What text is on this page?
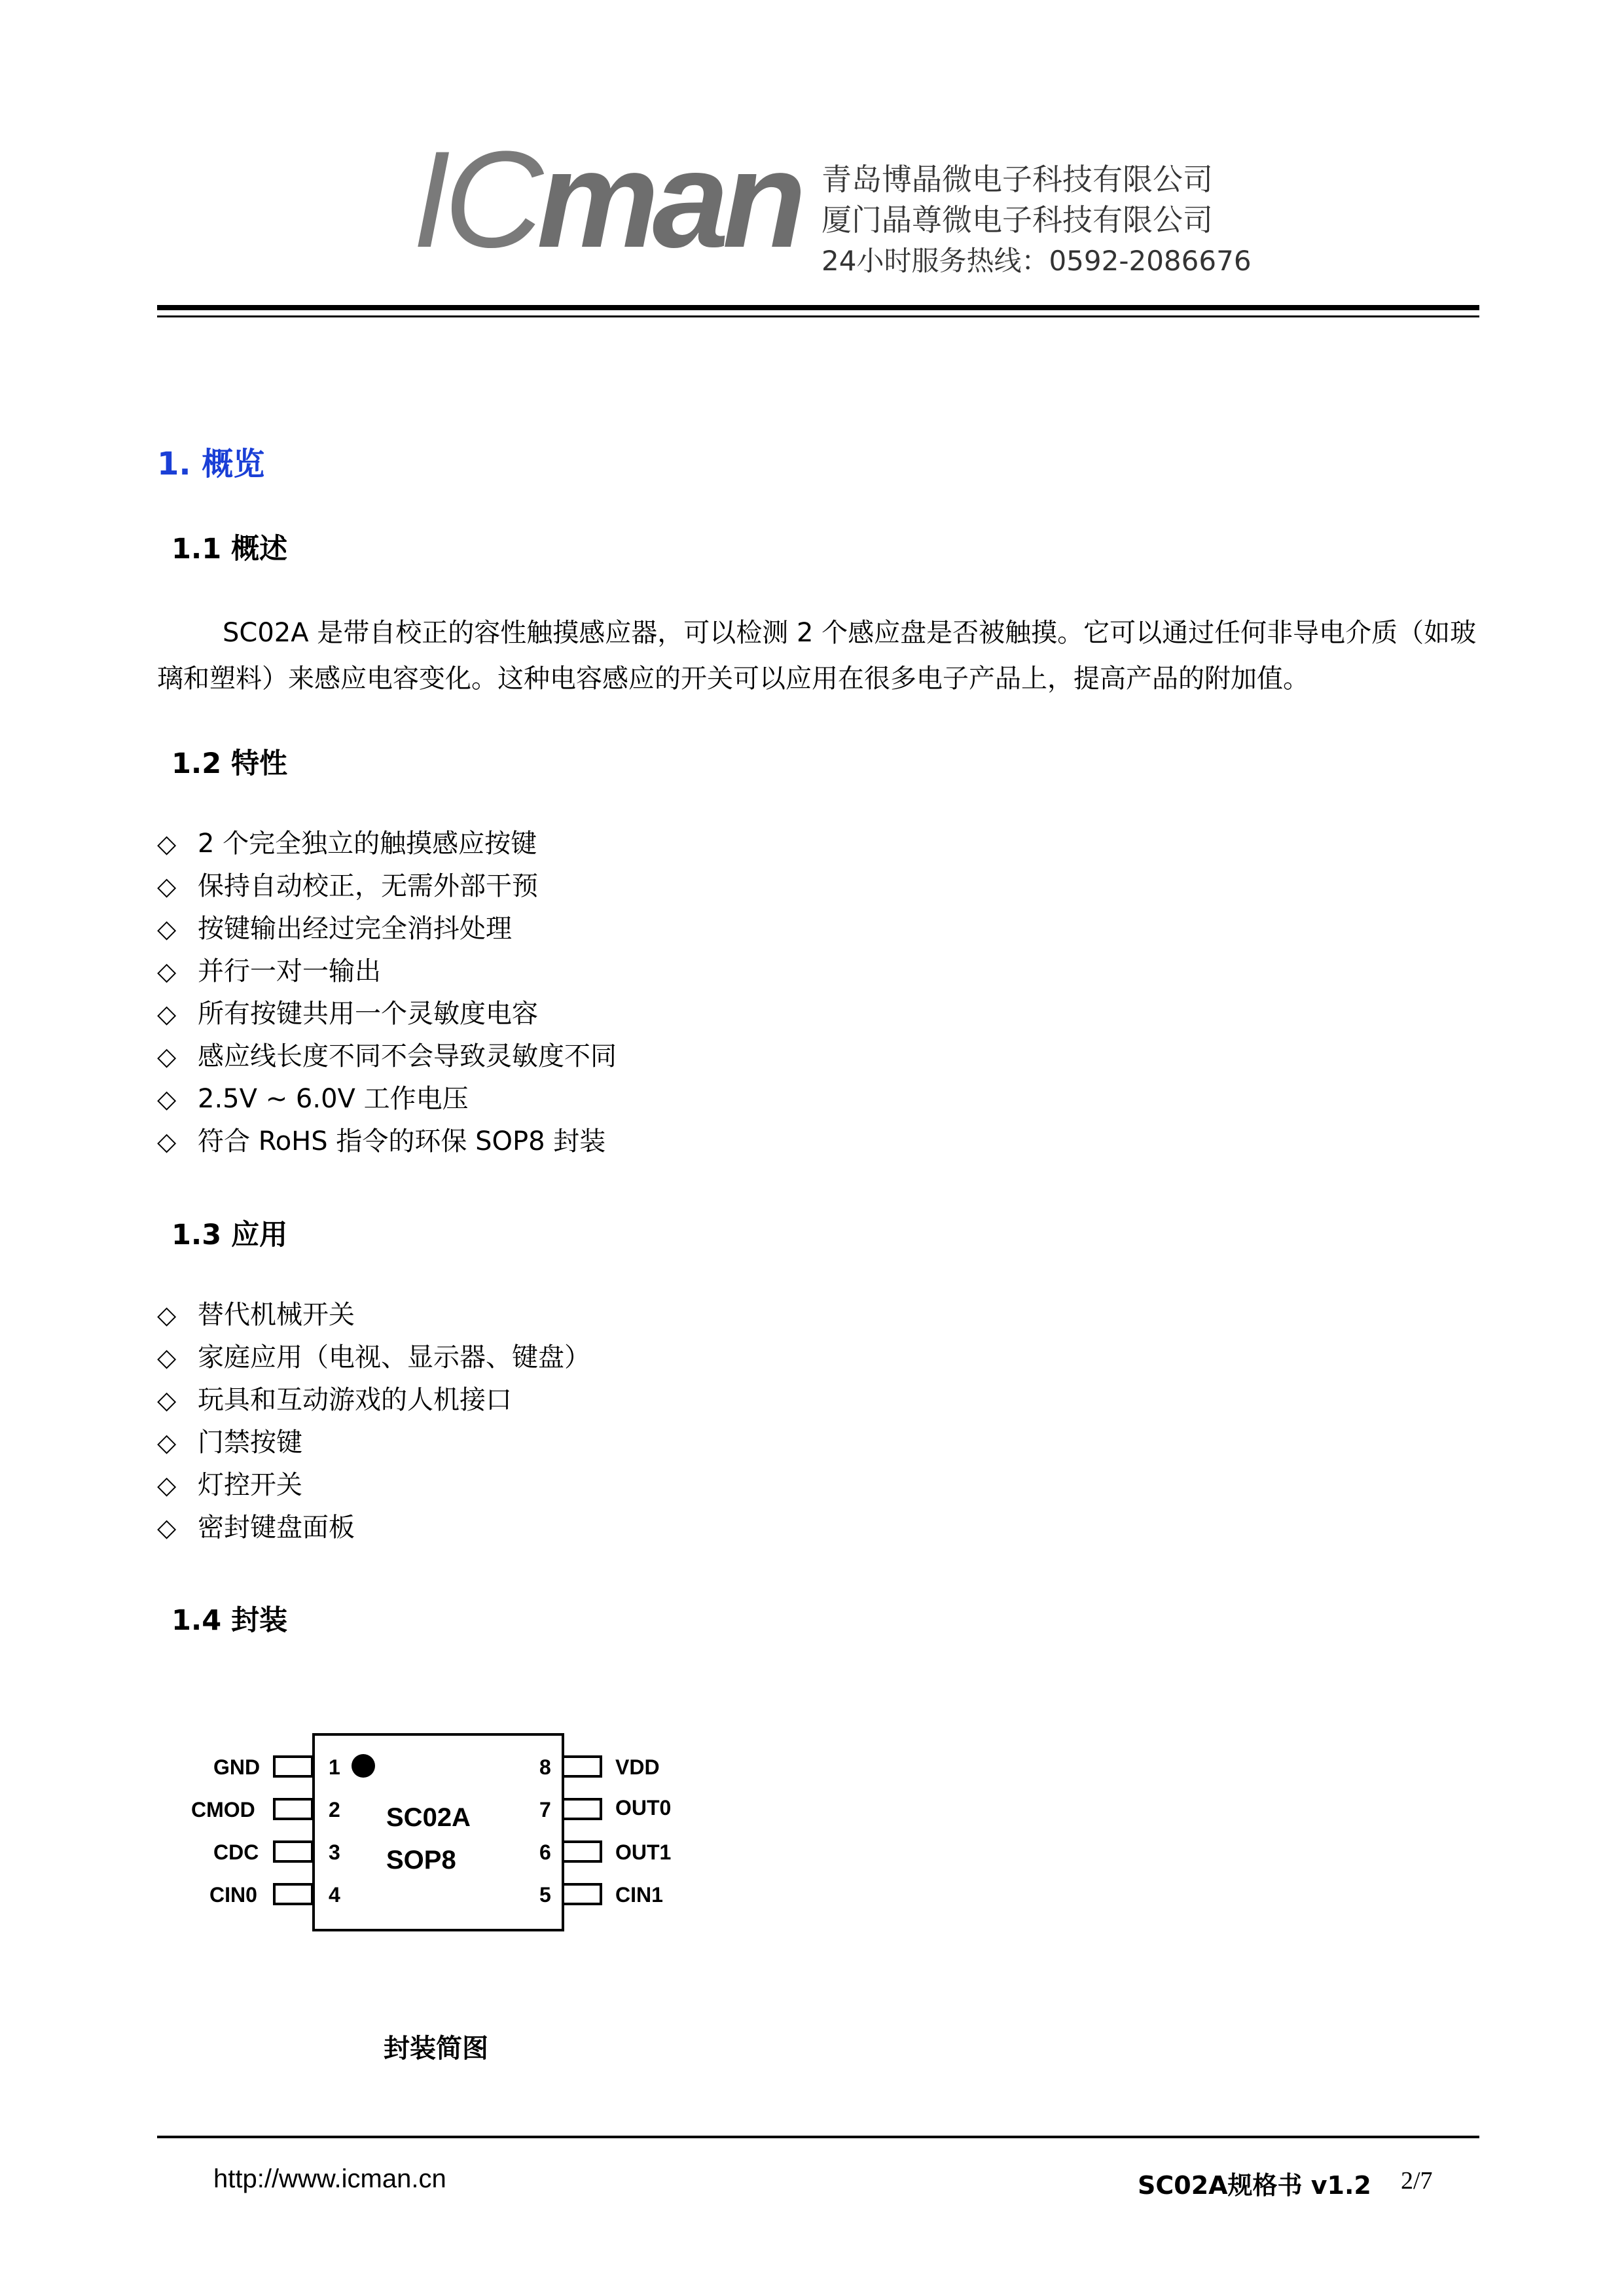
ICman 青岛博晶微电子科技有限公司
厦门晶尊微电子科技有限公司
24小时服务热线：0592-2086676
1. 概览
1.1 概述

SC02A 是带自校正的容性触摸感应器，可以检测 2 个感应盘是否被触摸。它可以通过任何非导电介质（如玻璃和塑料）来感应电容变化。这种电容感应的开关可以应用在很多电子产品上，提高产品的附加值。

1.2 特性
◇ 2 个完全独立的触摸感应按键
◇ 保持自动校正，无需外部干预
◇ 按键输出经过完全消抖处理
◇ 并行一对一输出
◇ 所有按键共用一个灵敏度电容
◇ 感应线长度不同不会导致灵敏度不同
◇ 2.5V ~ 6.0V 工作电压
◇ 符合 RoHS 指令的环保 SOP8 封装
1.3 应用
◇ 替代机械开关
◇ 家庭应用（电视、显示器、键盘）
◇ 玩具和互动游戏的人机接口
◇ 门禁按键
◇ 灯控开关
◇ 密封键盘面板
1.4 封装
GND
CMOD
CDC
CIN0
1
2
3
4
8
7
6
5
VDD
OUT0
OUT1
CIN1
SC02A
SOP8
封装简图
http://www.icman.cn	SC02A规格书 v1.2 2/7
